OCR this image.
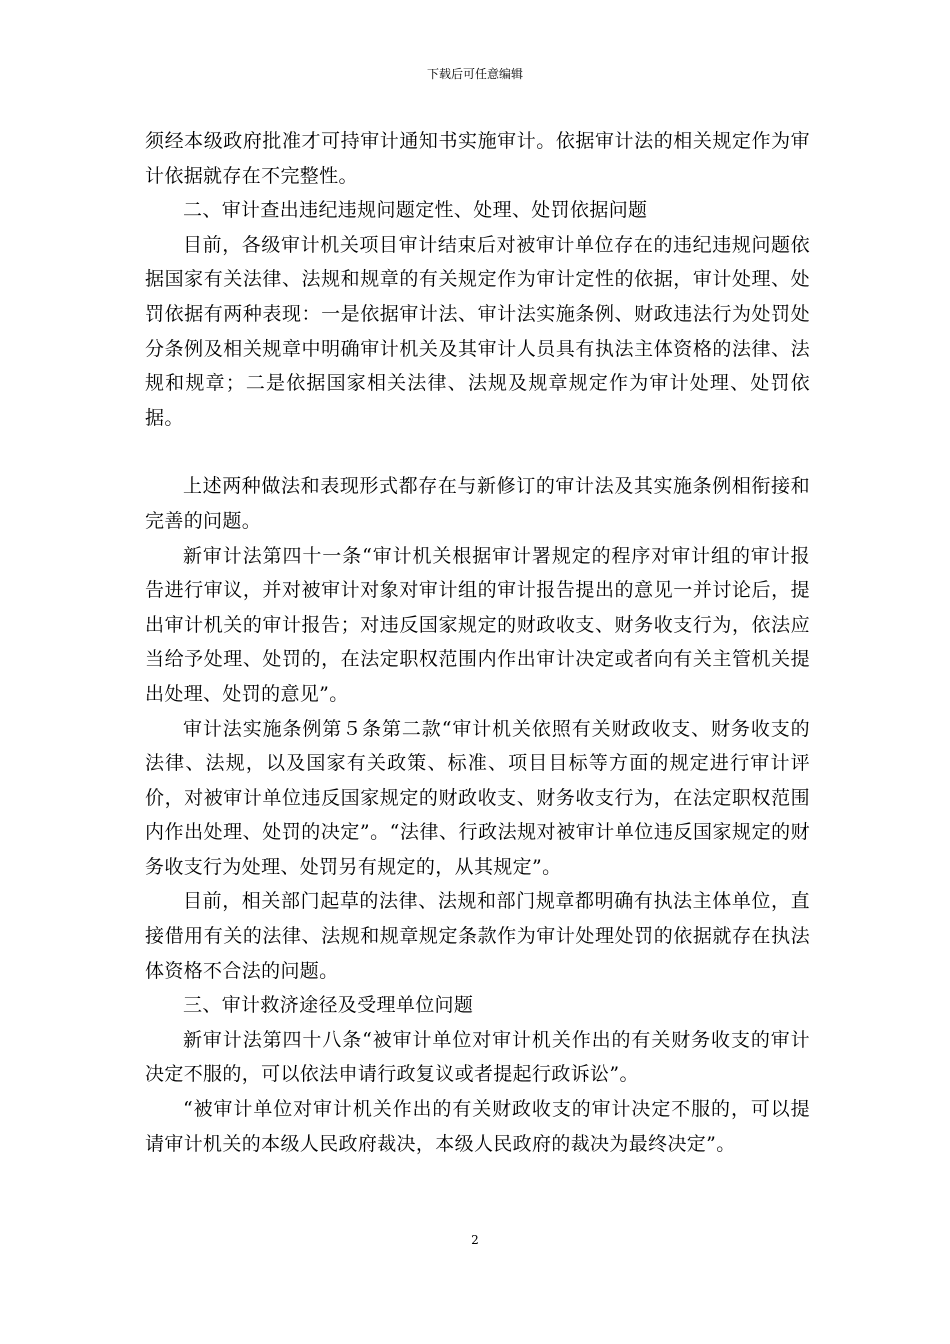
下载后可任意编辑

须经本级政府批准才可持审计通知书实施审计。依据审计法的相关规定作为审计依据就存在不完整性。

二、审计查出违纪违规问题定性、处理、处罚依据问题

目前，各级审计机关项目审计结束后对被审计单位存在的违纪违规问题依据国家有关法律、法规和规章的有关规定作为审计定性的依据，审计处理、处罚依据有两种表现：一是依据审计法、审计法实施条例、财政违法行为处罚处分条例及相关规章中明确审计机关及其审计人员具有执法主体资格的法律、法规和规章；二是依据国家相关法律、法规及规章规定作为审计处理、处罚依据。

上述两种做法和表现形式都存在与新修订的审计法及其实施条例相衔接和完善的问题。

新审计法第四十一条“审计机关根据审计署规定的程序对审计组的审计报告进行审议，并对被审计对象对审计组的审计报告提出的意见一并讨论后，提出审计机关的审计报告；对违反国家规定的财政收支、财务收支行为，依法应当给予处理、处罚的，在法定职权范围内作出审计决定或者向有关主管机关提出处理、处罚的意见”。

审计法实施条例第５条第二款“审计机关依照有关财政收支、财务收支的法律、法规，以及国家有关政策、标准、项目目标等方面的规定进行审计评价，对被审计单位违反国家规定的财政收支、财务收支行为，在法定职权范围内作出处理、处罚的决定”。“法律、行政法规对被审计单位违反国家规定的财务收支行为处理、处罚另有规定的，从其规定”。

目前，相关部门起草的法律、法规和部门规章都明确有执法主体单位，直接借用有关的法律、法规和规章规定条款作为审计处理处罚的依据就存在执法体资格不合法的问题。

三、审计救济途径及受理单位问题

新审计法第四十八条“被审计单位对审计机关作出的有关财务收支的审计决定不服的，可以依法申请行政复议或者提起行政诉讼”。

“被审计单位对审计机关作出的有关财政收支的审计决定不服的，可以提请审计机关的本级人民政府裁决，本级人民政府的裁决为最终决定”。

2
